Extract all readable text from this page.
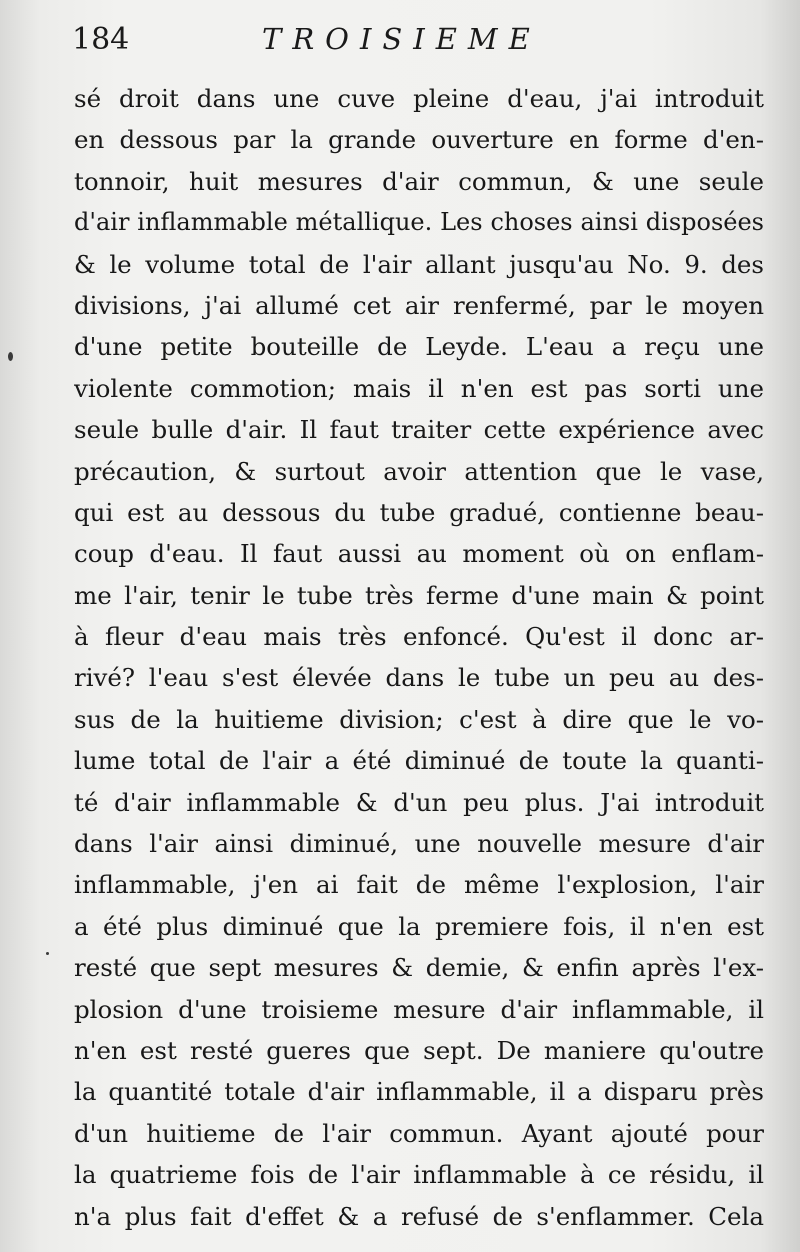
184	TROISIEME
sé droit dans une cuve pleine d'eau, j'ai introduit
en dessous par la grande ouverture en forme d'en-
tonnoir, huit mesures d'air commun, & une seule
d'air inflammable métallique. Les choses ainsi disposées
& le volume total de l'air allant jusqu'au No. 9. des
divisions, j'ai allumé cet air renfermé, par le moyen
d'une petite bouteille de Leyde. L'eau a reçu une
violente commotion; mais il n'en est pas sorti une
seule bulle d'air. Il faut traiter cette expérience avec
précaution, & surtout avoir attention que le vase,
qui est au dessous du tube gradué, contienne beau-
coup d'eau. Il faut aussi au moment où on enflam-
me l'air, tenir le tube très ferme d'une main & point
à fleur d'eau mais très enfoncé. Qu'est il donc ar-
rivé? l'eau s'est élevée dans le tube un peu au des-
sus de la huitieme division; c'est à dire que le vo-
lume total de l'air a été diminué de toute la quanti-
té d'air inflammable & d'un peu plus. J'ai introduit
dans l'air ainsi diminué, une nouvelle mesure d'air
inflammable, j'en ai fait de même l'explosion, l'air
a été plus diminué que la premiere fois, il n'en est
resté que sept mesures & demie, & enfin après l'ex-
plosion d'une troisieme mesure d'air inflammable, il
n'en est resté gueres que sept. De maniere qu'outre
la quantité totale d'air inflammable, il a disparu près
d'un huitieme de l'air commun. Ayant ajouté pour
la quatrieme fois de l'air inflammable à ce résidu, il
n'a plus fait d'effet & a refusé de s'enflammer. Cela
